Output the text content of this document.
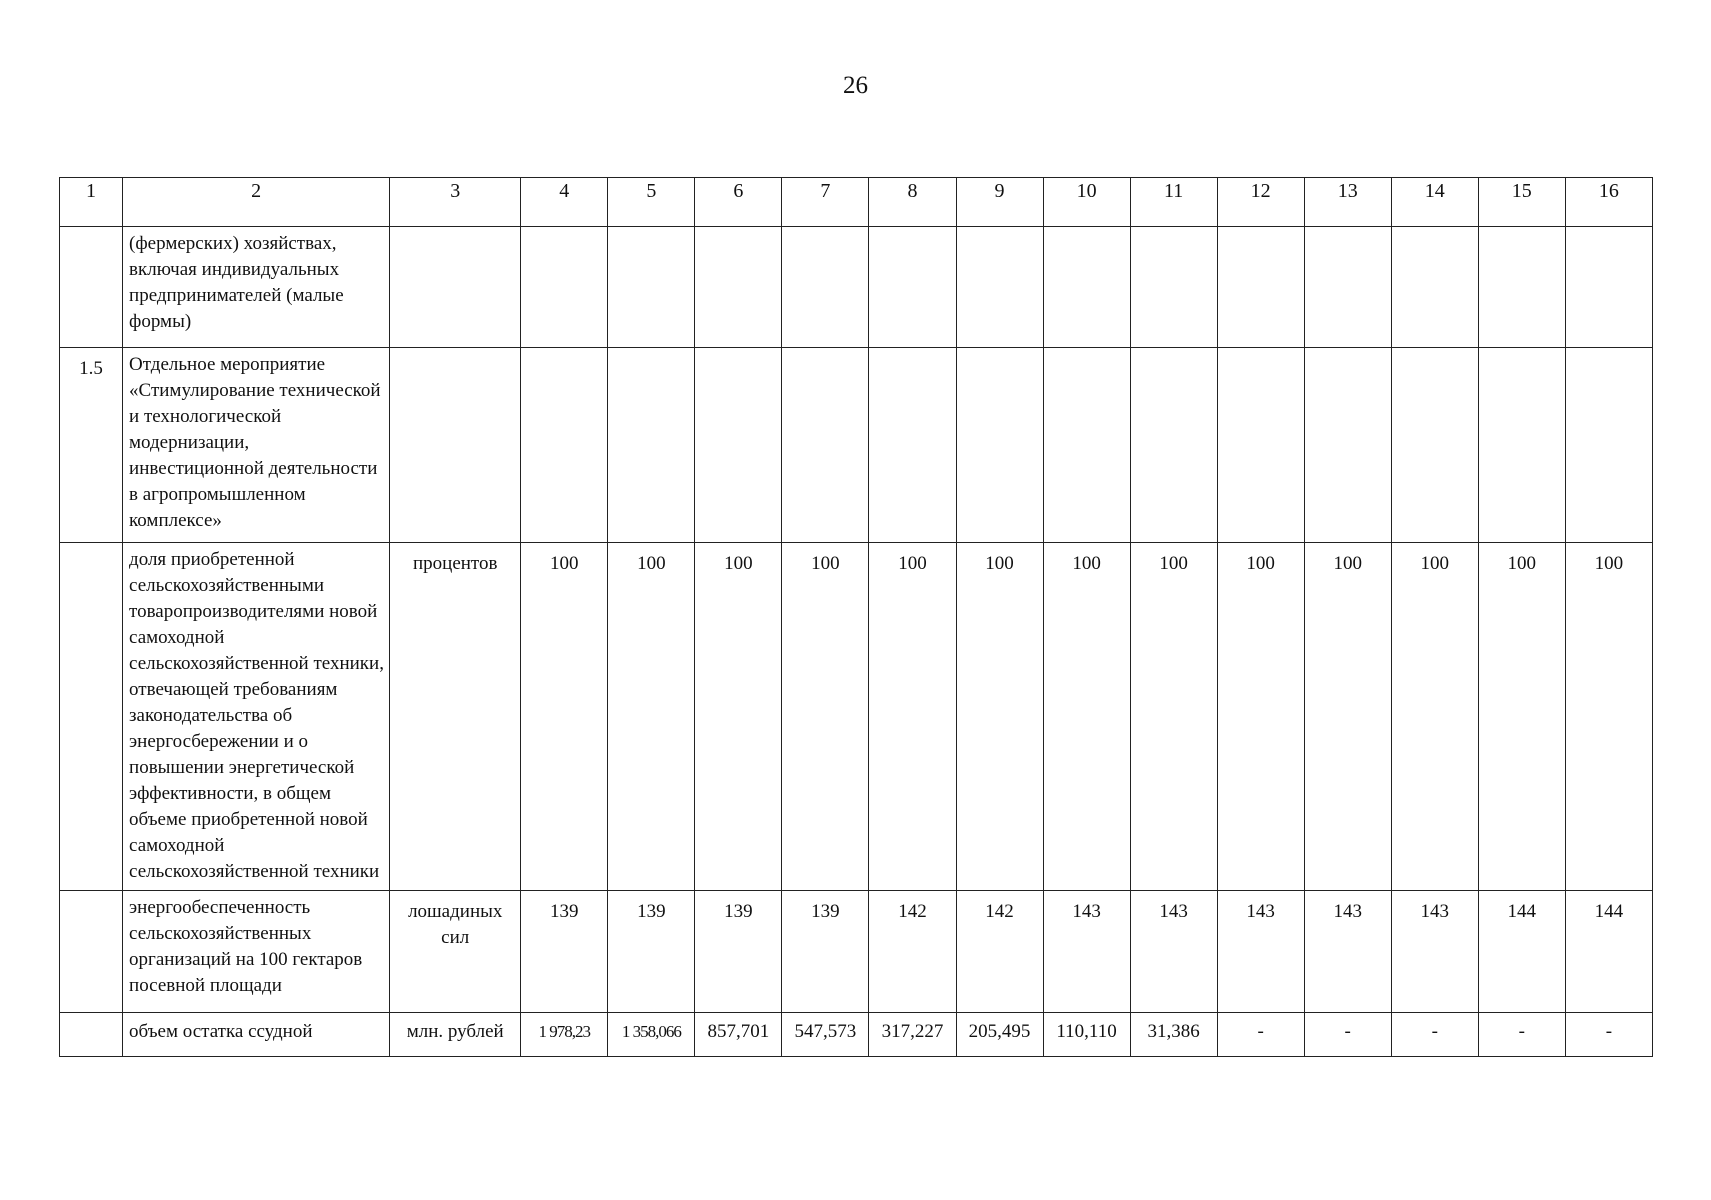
26
1	2	3	4	5	6	7	8	9	10	11	12	13	14	15	16
	(фермерских) хозяйствах, включая индивидуальных предпринимателей (малые формы)														
1.5	Отдельное мероприятие «Стимулирование технической и технологической модернизации, инвестиционной деятельности в агропромышленном комплексе»														
	доля приобретенной сельскохозяйственными товаропроизводителями новой самоходной сельскохозяйственной техники, отвечающей требованиям законодательства об энергосбережении и о повышении энергетической эффективности, в общем объеме приобретенной новой самоходной сельскохозяйственной техники	процентов	100	100	100	100	100	100	100	100	100	100	100	100	100
	энергообеспеченность сельскохозяйственных организаций на 100 гектаров посевной площади	лошадиных сил	139	139	139	139	142	142	143	143	143	143	143	144	144
	объем остатка ссудной	млн. рублей	1 978,23	1 358,066	857,701	547,573	317,227	205,495	110,110	31,386	-	-	-	-	-
